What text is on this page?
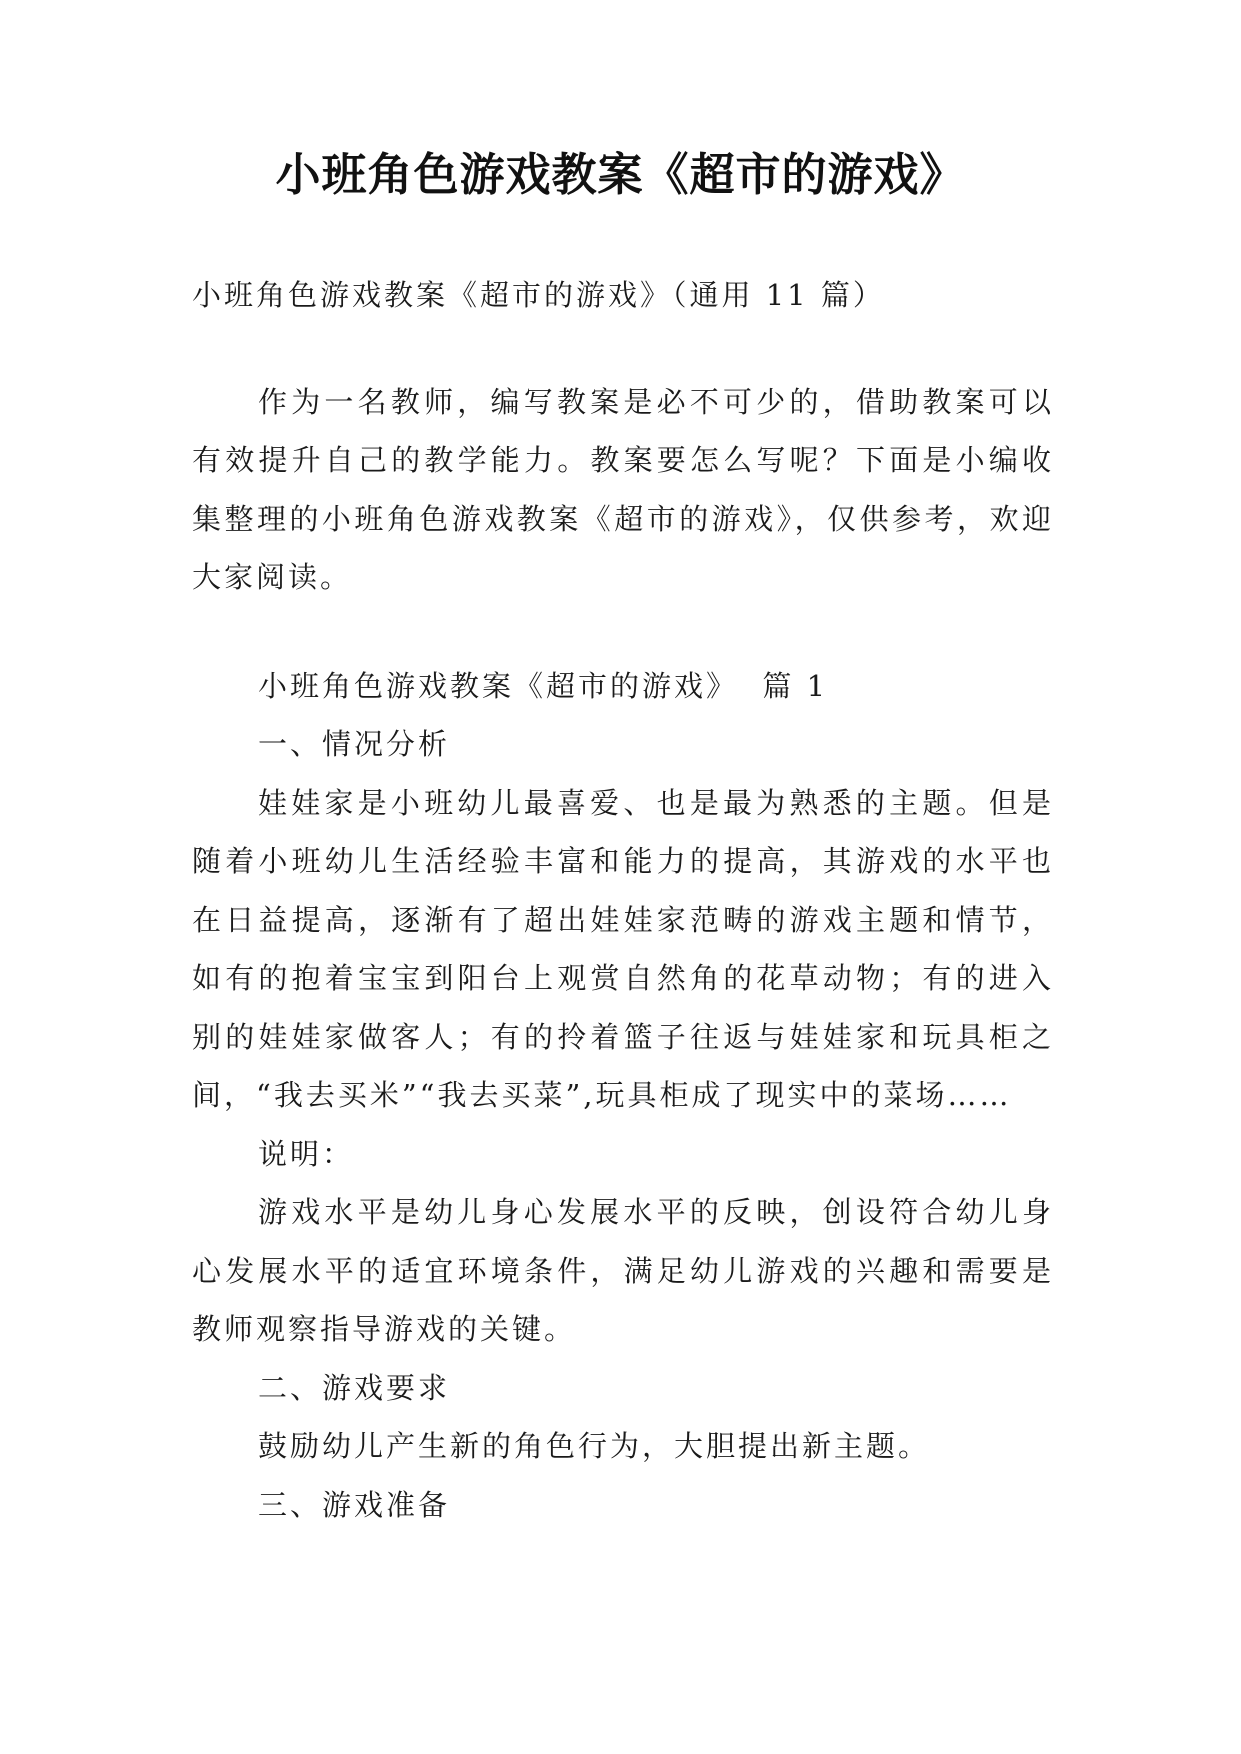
小班角色游戏教案《超市的游戏》

小班角色游戏教案《超市的游戏》（通用 11 篇）

作为一名教师，编写教案是必不可少的，借助教案可以有效提升自己的教学能力。教案要怎么写呢？下面是小编收集整理的小班角色游戏教案《超市的游戏》，仅供参考，欢迎大家阅读。

小班角色游戏教案《超市的游戏》  篇 1

一、情况分析

娃娃家是小班幼儿最喜爱、也是最为熟悉的主题。但是随着小班幼儿生活经验丰富和能力的提高，其游戏的水平也在日益提高，逐渐有了超出娃娃家范畴的游戏主题和情节，如有的抱着宝宝到阳台上观赏自然角的花草动物；有的进入别的娃娃家做客人；有的拎着篮子往返与娃娃家和玩具柜之间，“我去买米”“我去买菜”,玩具柜成了现实中的菜场……

说明：

游戏水平是幼儿身心发展水平的反映，创设符合幼儿身心发展水平的适宜环境条件，满足幼儿游戏的兴趣和需要是教师观察指导游戏的关键。

二、游戏要求

鼓励幼儿产生新的角色行为，大胆提出新主题。

三、游戏准备
